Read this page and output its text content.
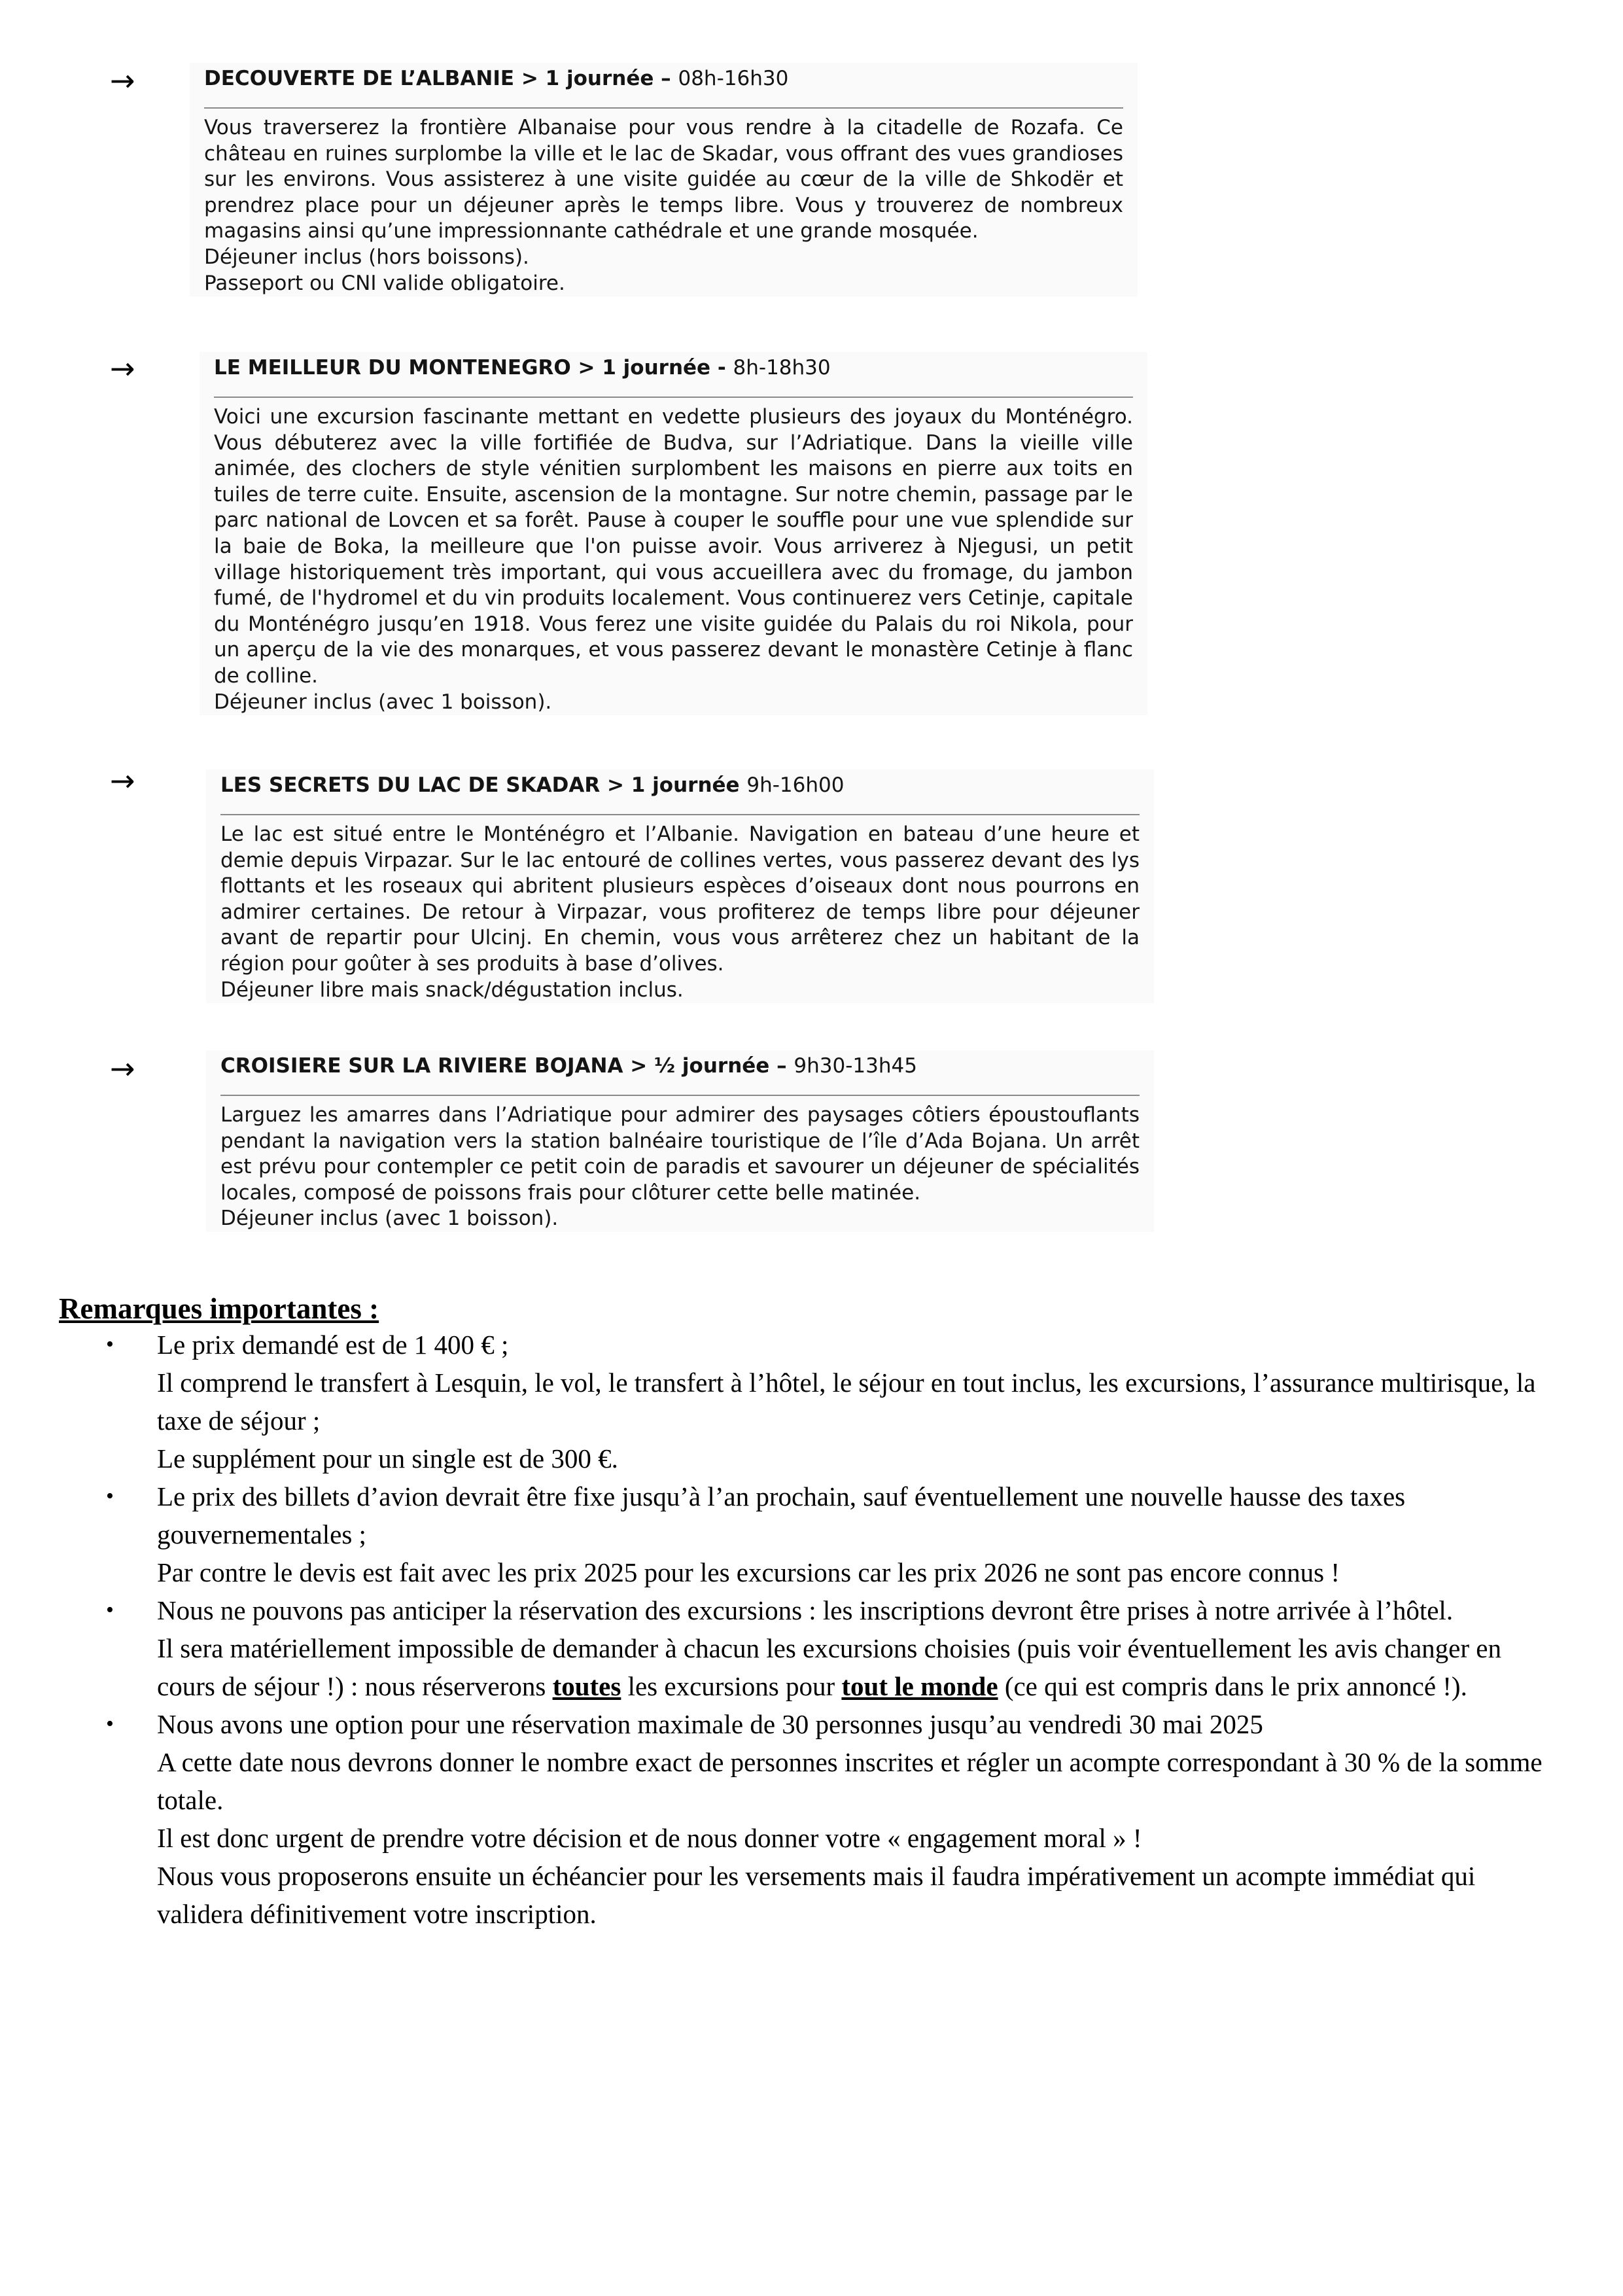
→	DECOUVERTE DE L’ALBANIE > 1 journée – 08h-16h30
Vous traverserez la frontière Albanaise pour vous rendre à la citadelle de Rozafa. Ce château en ruines surplombe la ville et le lac de Skadar, vous offrant des vues grandioses sur les environs. Vous assisterez à une visite guidée au cœur de la ville de Shkodër et prendrez place pour un déjeuner après le temps libre. Vous y trouverez de nombreux magasins ainsi qu’une impressionnante cathédrale et une grande mosquée.
Déjeuner inclus (hors boissons).
Passeport ou CNI valide obligatoire.
→	LE MEILLEUR DU MONTENEGRO > 1 journée - 8h-18h30
Voici une excursion fascinante mettant en vedette plusieurs des joyaux du Monténégro. Vous débuterez avec la ville fortifiée de Budva, sur l’Adriatique. Dans la vieille ville animée, des clochers de style vénitien surplombent les maisons en pierre aux toits en tuiles de terre cuite. Ensuite, ascension de la montagne. Sur notre chemin, passage par le parc national de Lovcen et sa forêt. Pause à couper le souffle pour une vue splendide sur la baie de Boka, la meilleure que l'on puisse avoir. Vous arriverez à Njegusi, un petit village historiquement très important, qui vous accueillera avec du fromage, du jambon fumé, de l'hydromel et du vin produits localement. Vous continuerez vers Cetinje, capitale du Monténégro jusqu’en 1918. Vous ferez une visite guidée du Palais du roi Nikola, pour un aperçu de la vie des monarques, et vous passerez devant le monastère Cetinje à flanc de colline.
Déjeuner inclus (avec 1 boisson).
→	LES SECRETS DU LAC DE SKADAR > 1 journée 9h-16h00
Le lac est situé entre le Monténégro et l’Albanie. Navigation en bateau d’une heure et demie depuis Virpazar. Sur le lac entouré de collines vertes, vous passerez devant des lys flottants et les roseaux qui abritent plusieurs espèces d’oiseaux dont nous pourrons en admirer certaines. De retour à Virpazar, vous profiterez de temps libre pour déjeuner avant de repartir pour Ulcinj. En chemin, vous vous arrêterez chez un habitant de la région pour goûter à ses produits à base d’olives.
Déjeuner libre mais snack/dégustation inclus.
→	CROISIERE SUR LA RIVIERE BOJANA > ½ journée – 9h30-13h45
Larguez les amarres dans l’Adriatique pour admirer des paysages côtiers époustouflants pendant la navigation vers la station balnéaire touristique de l’île d’Ada Bojana. Un arrêt est prévu pour contempler ce petit coin de paradis et savourer un déjeuner de spécialités locales, composé de poissons frais pour clôturer cette belle matinée.
Déjeuner inclus (avec 1 boisson).
Remarques importantes :
• Le prix demandé est de 1 400 € ;
Il comprend le transfert à Lesquin, le vol, le transfert à l’hôtel, le séjour en tout inclus, les excursions, l’assurance multirisque, la taxe de séjour ;
Le supplément pour un single est de 300 €.
• Le prix des billets d’avion devrait être fixe jusqu’à l’an prochain, sauf éventuellement une nouvelle hausse des taxes gouvernementales ;
Par contre le devis est fait avec les prix 2025 pour les excursions car les prix 2026 ne sont pas encore connus !
• Nous ne pouvons pas anticiper la réservation des excursions : les inscriptions devront être prises à notre arrivée à l’hôtel.
Il sera matériellement impossible de demander à chacun les excursions choisies (puis voir éventuellement les avis changer en cours de séjour !) : nous réserverons toutes les excursions pour tout le monde (ce qui est compris dans le prix annoncé !).
• Nous avons une option pour une réservation maximale de 30 personnes jusqu’au vendredi 30 mai 2025
A cette date nous devrons donner le nombre exact de personnes inscrites et régler un acompte correspondant à 30 % de la somme totale.
Il est donc urgent de prendre votre décision et de nous donner votre « engagement moral » !
Nous vous proposerons ensuite un échéancier pour les versements mais il faudra impérativement un acompte immédiat qui validera définitivement votre inscription.
